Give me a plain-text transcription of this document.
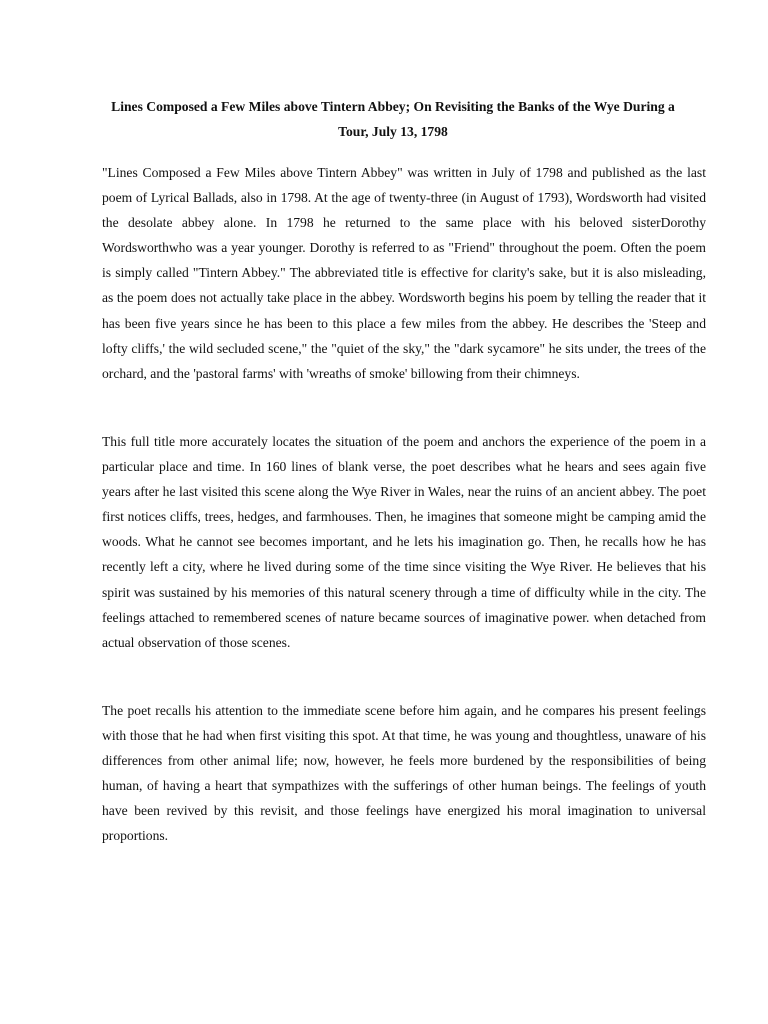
Lines Composed a Few Miles above Tintern Abbey; On Revisiting the Banks of the Wye During a Tour, July 13, 1798

"Lines Composed a Few Miles above Tintern Abbey" was written in July of 1798 and published as the last poem of Lyrical Ballads, also in 1798. At the age of twenty-three (in August of 1793), Wordsworth had visited the desolate abbey alone. In 1798 he returned to the same place with his beloved sisterDorothy Wordsworthwho was a year younger. Dorothy is referred to as "Friend" throughout the poem. Often the poem is simply called "Tintern Abbey." The abbreviated title is effective for clarity's sake, but it is also misleading, as the poem does not actually take place in the abbey. Wordsworth begins his poem by telling the reader that it has been five years since he has been to this place a few miles from the abbey. He describes the 'Steep and lofty cliffs,' the wild secluded scene," the "quiet of the sky," the "dark sycamore" he sits under, the trees of the orchard, and the 'pastoral farms' with 'wreaths of smoke' billowing from their chimneys.

This full title more accurately locates the situation of the poem and anchors the experience of the poem in a particular place and time. In 160 lines of blank verse, the poet describes what he hears and sees again five years after he last visited this scene along the Wye River in Wales, near the ruins of an ancient abbey. The poet first notices cliffs, trees, hedges, and farmhouses. Then, he imagines that someone might be camping amid the woods. What he cannot see becomes important, and he lets his imagination go. Then, he recalls how he has recently left a city, where he lived during some of the time since visiting the Wye River. He believes that his spirit was sustained by his memories of this natural scenery through a time of difficulty while in the city. The feelings attached to remembered scenes of nature became sources of imaginative power. when detached from actual observation of those scenes.

The poet recalls his attention to the immediate scene before him again, and he compares his present feelings with those that he had when first visiting this spot. At that time, he was young and thoughtless, unaware of his differences from other animal life; now, however, he feels more burdened by the responsibilities of being human, of having a heart that sympathizes with the sufferings of other human beings. The feelings of youth have been revived by this revisit, and those feelings have energized his moral imagination to universal proportions.
